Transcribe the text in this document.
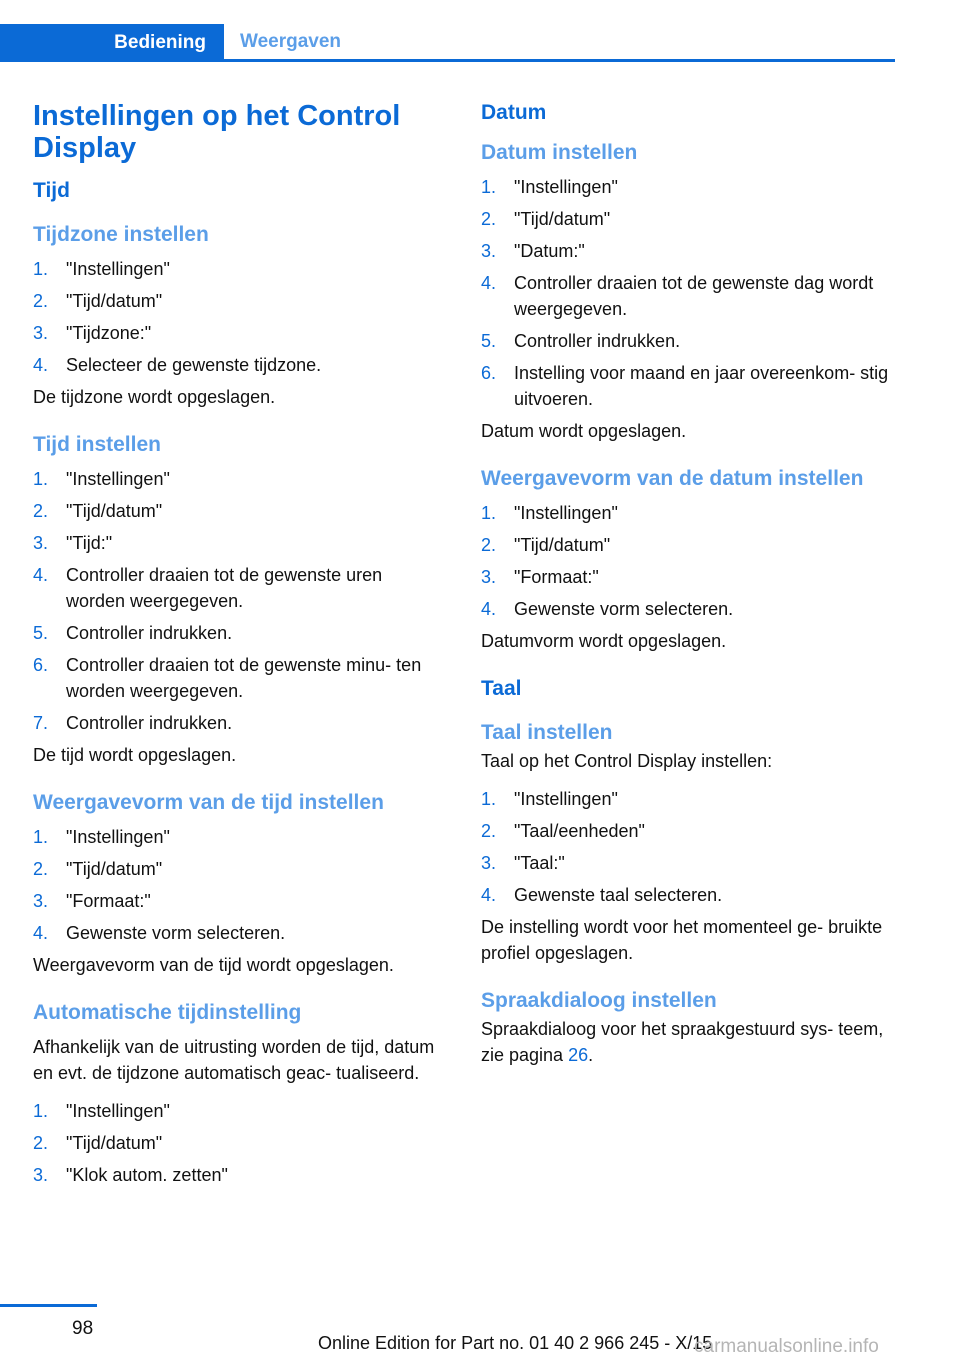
Bediening	Weergaven
Instellingen op het Control Display
Tijd
Tijdzone instellen
1. "Instellingen"
2. "Tijd/datum"
3. "Tijdzone:"
4. Selecteer de gewenste tijdzone.

De tijdzone wordt opgeslagen.

Tijd instellen
1. "Instellingen"
2. "Tijd/datum"
3. "Tijd:"
4. Controller draaien tot de gewenste uren worden weergegeven.
5. Controller indrukken.
6. Controller draaien tot de gewenste minu‐ ten worden weergegeven.
7. Controller indrukken.

De tijd wordt opgeslagen.

Weergavevorm van de tijd instellen
1. "Instellingen"
2. "Tijd/datum"
3. "Formaat:"
4. Gewenste vorm selecteren.

Weergavevorm van de tijd wordt opgeslagen.

Automatische tijdinstelling

Afhankelijk van de uitrusting worden de tijd, datum en evt. de tijdzone automatisch geac‐ tualiseerd.

1. "Instellingen"
2. "Tijd/datum"
3. "Klok autom. zetten"
Datum
Datum instellen
1. "Instellingen"
2. "Tijd/datum"
3. "Datum:"
4. Controller draaien tot de gewenste dag wordt weergegeven.
5. Controller indrukken.
6. Instelling voor maand en jaar overeenkom‐ stig uitvoeren.

Datum wordt opgeslagen.

Weergavevorm van de datum instellen
1. "Instellingen"
2. "Tijd/datum"
3. "Formaat:"
4. Gewenste vorm selecteren.

Datumvorm wordt opgeslagen.

Taal
Taal instellen

Taal op het Control Display instellen:

1. "Instellingen"
2. "Taal/eenheden"
3. "Taal:"
4. Gewenste taal selecteren.

De instelling wordt voor het momenteel ge‐ bruikte profiel opgeslagen.

Spraakdialoog instellen

Spraakdialoog voor het spraakgestuurd sys‐ teem, zie pagina 26.

98
Online Edition for Part no. 01 40 2 966 245 - X/15
carmanualsonline.info
